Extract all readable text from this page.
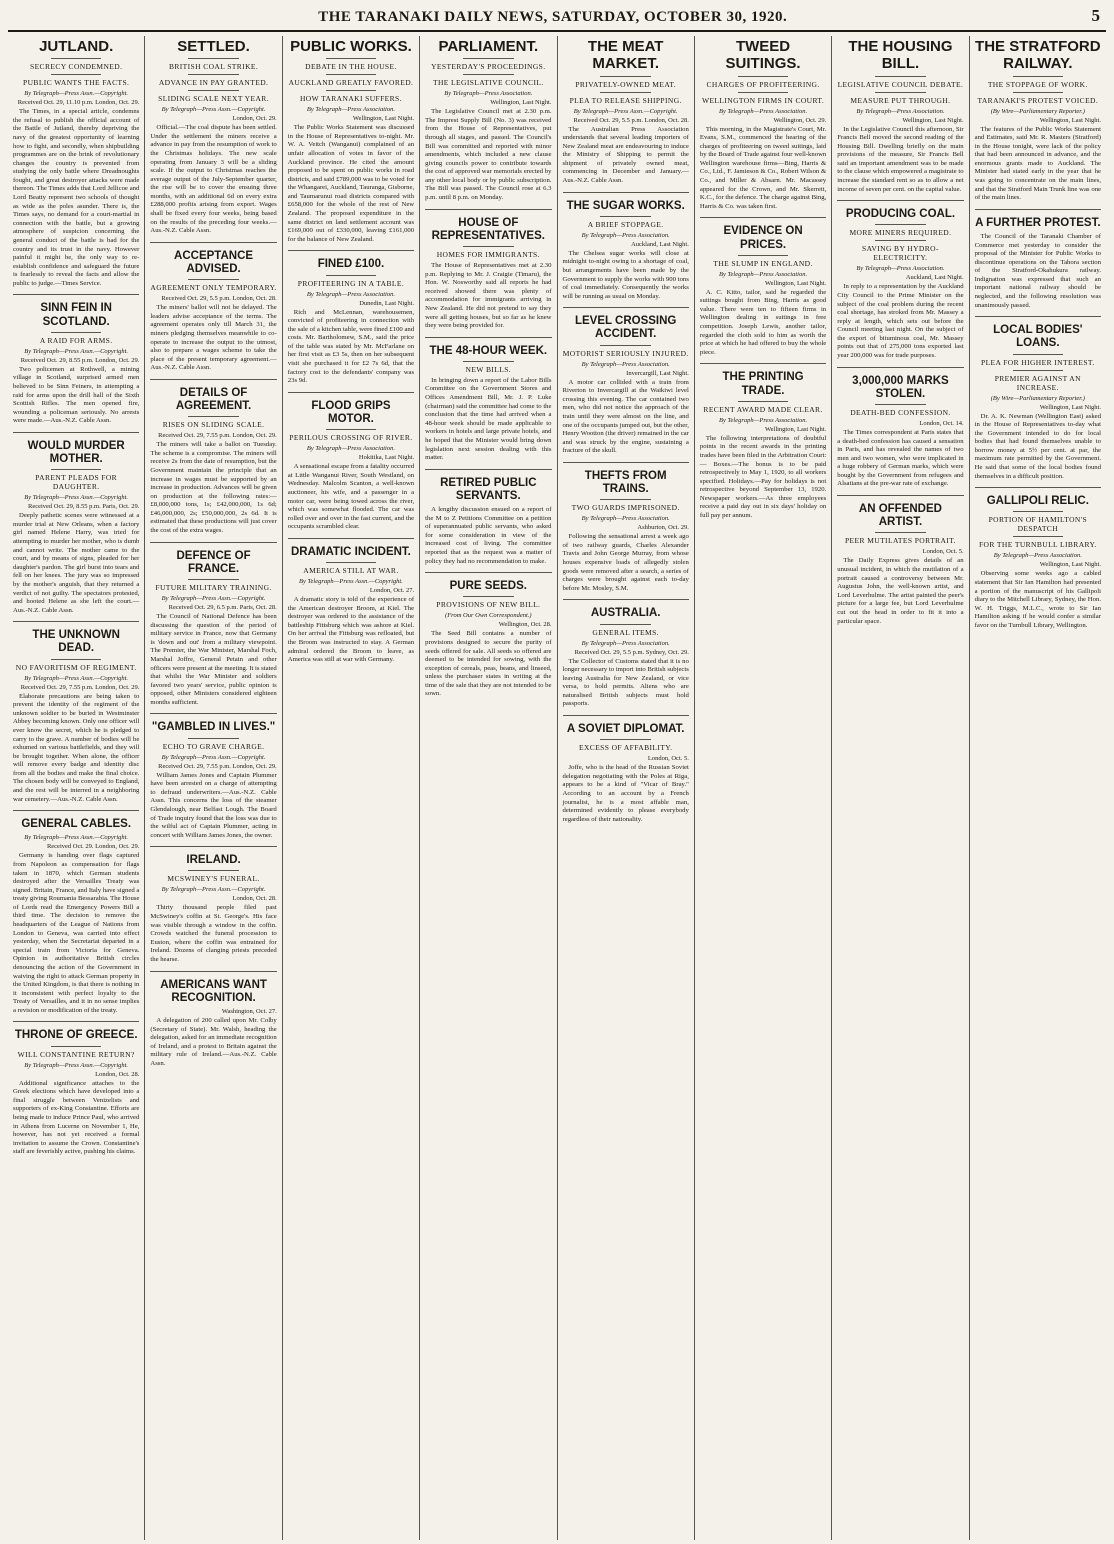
THE TARANAKI DAILY NEWS, SATURDAY, OCTOBER 30, 1920.	5
JUTLAND.
SECRECY CONDEMNED.
PUBLIC WANTS THE FACTS.
By Telegraph—Press Assn.—Copyright.
Received Oct. 29, 11.10 p.m. London, Oct. 29.

The Times, in a special article, condemns the refusal to publish the official account of the Battle of Jutland, thereby depriving the navy of the greatest opportunity of learning how to fight, and secondly, when shipbuilding programmes are on the brink of revolutionary changes the country is prevented from studying the only battle where Dreadnoughts fought, and great destroyer attacks were made thereon. The Times adds that Lord Jellicoe and Lord Beatty represent two schools of thought as wide as the poles asunder. There is, the Times says, no demand for a court-martial in connection with the battle, but a growing atmosphere of suspicion concerning the general conduct of the battle is bad for the country and its trust in the navy. However painful it might be, the only way to re-establish confidence and safeguard the future is fearlessly to reveal the facts and allow the public to judge.—Times Service.

SINN FEIN IN SCOTLAND.
A RAID FOR ARMS.
By Telegraph—Press Assn.—Copyright.
Received Oct. 29, 8.55 p.m. London, Oct. 29.

Two policemen at Rothwell, a mining village in Scotland, surprised armed men believed to be Sinn Feiners, in attempting a raid for arms upon the drill hall of the Sixth Scottish Rifles. The men opened fire, wounding a policeman seriously. No arrests were made.—Aus.-N.Z. Cable Assn.

WOULD MURDER MOTHER.
PARENT PLEADS FOR DAUGHTER.
By Telegraph—Press Assn.—Copyright.
Received Oct. 29, 8.55 p.m. Paris, Oct. 29.

Deeply pathetic scenes were witnessed at a murder trial at New Orleans, when a factory girl named Helene Harry, was tried for attempting to murder her mother, who is dumb and cannot write. The mother came to the court, and by means of signs, pleaded for her daughter's pardon. The girl burst into tears and fell on her knees. The jury was so impressed by the mother's anguish, that they returned a verdict of not guilty. The spectators protested, and hooted Helene as she left the court.—Aus.-N.Z. Cable Assn.

THE UNKNOWN DEAD.
NO FAVORITISM OF REGIMENT.
By Telegraph—Press Assn.—Copyright.
Received Oct. 29, 7.55 p.m. London, Oct. 29.

Elaborate precautions are being taken to prevent the identity of the regiment of the unknown soldier to be buried in Westminster Abbey becoming known. Only one officer will ever know the secret, which he is pledged to carry to the grave. A number of bodies will be exhumed on various battlefields, and they will be brought together. When alone, the officer will remove every badge and identity disc from all the bodies and make the final choice. The chosen body will be conveyed to England, and the rest will be interred in a neighboring war cemetery.—Aus.-N.Z. Cable Assn.

GENERAL CABLES.
By Telegraph—Press Assn.—Copyright.
Received Oct. 29. London, Oct. 29.

Germany is handing over flags captured from Napoleon as compensation for flags taken in 1870, which German students destroyed after the Versailles Treaty was signed. Britain, France, and Italy have signed a treaty giving Roumania Bessarabia. The House of Lords read the Emergency Powers Bill a third time. The decision to remove the headquarters of the League of Nations from London to Geneva, was carried into effect yesterday, when the Secretariat departed in a special train from Victoria for Geneva. Opinion in authoritative British circles denouncing the action of the Government in waiving the right to attack German property in the United Kingdom, is that there is nothing in it inconsistent with perfect loyalty to the Treaty of Versailles, and it in no sense implies a revision or modification of the treaty.

THRONE OF GREECE.
WILL CONSTANTINE RETURN?
By Telegraph—Press Assn.—Copyright.
London, Oct. 28.

Additional significance attaches to the Greek elections which have developed into a final struggle between Venizelists and supporters of ex-King Constantine. Efforts are being made to induce Prince Paul, who arrived in Athens from Lucerne on November 1, He, however, has not yet received a formal invitation to assume the Crown. Constantine's staff are feverishly active, pushing his claims.

SETTLED.
BRITISH COAL STRIKE.
ADVANCE IN PAY GRANTED.
SLIDING SCALE NEXT YEAR.
By Telegraph—Press Assn.—Copyright.
London, Oct. 29.

Official.—The coal dispute has been settled. Under the settlement the miners receive a advance in pay from the resumption of work to the Christmas holidays. The new scale operating from January 3 will be a sliding scale. If the output to Christmas reaches the average output of the July-September quarter, the rise will be to cover the ensuing three months, with an additional 6d on every extra £288,000 profits arising from export. Wages shall be fixed every four weeks, being based on the results of the preceding four weeks.—Aus.-N.Z. Cable Assn.

ACCEPTANCE ADVISED.
AGREEMENT ONLY TEMPORARY.
Received Oct. 29, 5.5 p.m. London, Oct. 28.

The miners' ballot will not be delayed. The leaders advise acceptance of the terms. The agreement operates only till March 31, the miners pledging themselves meanwhile to co-operate to increase the output to the utmost, also to prepare a wages scheme to take the place of the present temporary agreement.—Aus.-N.Z. Cable Assn.

DETAILS OF AGREEMENT.
RISES ON SLIDING SCALE.
Received Oct. 29, 7.55 p.m. London, Oct. 29.

The miners will take a ballot on Tuesday. The scheme is a compromise. The miners will receive 2s from the date of resumption, but the Government maintain the principle that an increase in wages must be supported by an increase in production. Advances will be given on production at the following rates:—£8,000,000 tons, 1s; £42,000,000, 1s 6d; £46,000,000, 2s; £50,000,000, 2s 6d. It is estimated that these productions will just cover the cost of the extra wages.

DEFENCE OF FRANCE.
FUTURE MILITARY TRAINING.
By Telegraph—Press Assn.—Copyright.
Received Oct. 29, 6.5 p.m. Paris, Oct. 28.

The Council of National Defence has been discussing the question of the period of military service in France, now that Germany is 'down and out' from a military viewpoint. The Premier, the War Minister, Marshal Foch, Marshal Joffre, General Petain and other officers were present at the meeting. It is stated that whilst the War Minister and soldiers favored two years' service, public opinion is opposed, other Ministers considered eighteen months sufficient.

"GAMBLED IN LIVES."
ECHO TO GRAVE CHARGE.
By Telegraph—Press Assn.—Copyright.
Received Oct. 29, 7.55 p.m. London, Oct. 29.

William James Jones and Captain Plummer have been arrested on a charge of attempting to defraud underwriters.—Aus.-N.Z. Cable Assn. This concerns the loss of the steamer Glendalough, near Belfast Lough. The Board of Trade inquiry found that the loss was due to the wilful act of Captain Plummer, acting in concert with William James Jones, the owner.

IRELAND.
MCSWINEY'S FUNERAL.
By Telegraph—Press Assn.—Copyright.
London, Oct. 28.

Thirty thousand people filed past McSwiney's coffin at St. George's. His face was visible through a window in the coffin. Crowds watched the funeral procession to Euston, where the coffin was entrained for Ireland. Dozens of clanging priests preceded the hearse.

AMERICANS WANT RECOGNITION.
Washington, Oct. 27.

A delegation of 200 called upon Mr. Colby (Secretary of State). Mr. Walsh, heading the delegation, asked for an immediate recognition of Ireland, and a protest to Britain against the military rule of Ireland.—Aus.-N.Z. Cable Assn.

PUBLIC WORKS.
DEBATE IN THE HOUSE.
AUCKLAND GREATLY FAVORED.
HOW TARANAKI SUFFERS.
By Telegraph—Press Association.
Wellington, Last Night.

The Public Works Statement was discussed in the House of Representatives to-night. Mr. W. A. Veitch (Wanganui) complained of an unfair allocation of votes in favor of the Auckland province. He cited the amount proposed to be spent on public works in road districts, and said £789,000 was to be voted for the Whangarei, Auckland, Tauranga, Gisborne, and Taumarunui road districts compared with £658,000 for the whole of the rest of New Zealand. The proposed expenditure in the same district on land settlement account was £169,000 out of £330,000, leaving £161,000 for the balance of New Zealand.

FINED £100.
PROFITEERING IN A TABLE.
By Telegraph—Press Association.
Dunedin, Last Night.

Rich and McLennan, warehousemen, convicted of profiteering in connection with the sale of a kitchen table, were fined £100 and costs. Mr. Bartholomew, S.M., said the price of the table was stated by Mr. McFarlane on her first visit as £3 5s, then on her subsequent visit she purchased it for £2 7s 6d, that the factory cost to the defendants' company was 23s 9d.

FLOOD GRIPS MOTOR.
PERILOUS CROSSING OF RIVER.
By Telegraph—Press Association.
Hokitika, Last Night.

A sensational escape from a fatality occurred at Little Wanganui River, South Westland, on Wednesday. Malcolm Scanton, a well-known auctioneer, his wife, and a passenger in a motor car, were being towed across the river, which was somewhat flooded. The car was rolled over and over in the fast current, and the occupants scrambled clear.

DRAMATIC INCIDENT.
AMERICA STILL AT WAR.
By Telegraph—Press Assn.—Copyright.
London, Oct. 27.

A dramatic story is told of the experience of the American destroyer Broom, at Kiel. The destroyer was ordered to the assistance of the battleship Fittsburg which was ashore at Kiel. On her arrival the Fittsburg was refloated, but the Broom was instructed to stay. A German admiral ordered the Broom to leave, as America was still at war with Germany.

PARLIAMENT.
YESTERDAY'S PROCEEDINGS.
THE LEGISLATIVE COUNCIL.
By Telegraph—Press Association.
Wellington, Last Night.

The Legislative Council met at 2.30 p.m. The Imprest Supply Bill (No. 3) was received from the House of Representatives, put through all stages, and passed. The Council's Bill was committed and reported with minor amendments, which included a new clause giving councils power to contribute towards the cost of approved war memorials erected by any other local body or by public subscription. The Bill was passed. The Council rose at 6.3 p.m. until 8 p.m. on Monday.

HOUSE OF REPRESENTATIVES.
HOMES FOR IMMIGRANTS.

The House of Representatives met at 2.30 p.m. Replying to Mr. J. Craigie (Timaru), the Hon. W. Nosworthy said all reports he had received showed there was plenty of accommodation for immigrants arriving in New Zealand. He did not pretend to say they were all getting houses, but so far as he knew they were being provided for.

THE 48-HOUR WEEK.
NEW BILLS.

In bringing down a report of the Labor Bills Committee on the Government Stores and Offices Amendment Bill, Mr. J. P. Luke (chairman) said the committee had come to the conclusion that the time had arrived when a 48-hour week should be made applicable to workers in hotels and large private hotels, and he hoped that the Minister would bring down legislation next session dealing with this matter.

RETIRED PUBLIC SERVANTS.

A lengthy discussion ensued on a report of the M to Z Petitions Committee on a petition of superannuated public servants, who asked for some consideration in view of the increased cost of living. The committee reported that as the request was a matter of policy they had no recommendation to make.

PURE SEEDS.
PROVISIONS OF NEW BILL.
(From Our Own Correspondent.)
Wellington, Oct. 28.

The Seed Bill contains a number of provisions designed to secure the purity of seeds offered for sale. All seeds so offered are deemed to be intended for sowing, with the exception of cereals, peas, beans, and linseed, unless the purchaser states in writing at the time of the sale that they are not intended to be sown.

THE MEAT MARKET.
PRIVATELY-OWNED MEAT.
PLEA TO RELEASE SHIPPING.
By Telegraph—Press Assn.—Copyright.
Received Oct. 29, 5.5 p.m. London, Oct. 28.

The Australian Press Association understands that several leading importers of New Zealand meat are endeavouring to induce the Ministry of Shipping to permit the shipment of privately owned meat, commencing in December and January.—Aus.-N.Z. Cable Assn.

THE SUGAR WORKS.
A BRIEF STOPPAGE.
By Telegraph—Press Association.
Auckland, Last Night.

The Chelsea sugar works will close at midnight to-night owing to a shortage of coal, but arrangements have been made by the Government to supply the works with 900 tons of coal immediately. Consequently the works will be running as usual on Monday.

LEVEL CROSSING ACCIDENT.
MOTORIST SERIOUSLY INJURED.
By Telegraph—Press Association.
Invercargill, Last Night.

A motor car collided with a train from Riverton to Invercargill at the Waikiwi level crossing this evening. The car contained two men, who did not notice the approach of the train until they were almost on the line, and one of the occupants jumped out, but the other, Henry Wootton (the driver) remained in the car and was struck by the engine, sustaining a fracture of the skull.

THEFTS FROM TRAINS.
TWO GUARDS IMPRISONED.
By Telegraph—Press Association.
Ashburton, Oct. 29.

Following the sensational arrest a week ago of two railway guards, Charles Alexander Travis and John George Murray, from whose houses expensive loads of allegedly stolen goods were removed after a search, a series of charges were brought against each to-day before Mr. Mosley, S.M.

AUSTRALIA.
GENERAL ITEMS.
By Telegraph—Press Association.
Received Oct. 29, 5.5 p.m. Sydney, Oct. 29.

The Collector of Customs stated that it is no longer necessary to import into British subjects leaving Australia for New Zealand, or vice versa, to hold permits. Aliens who are naturalised British subjects must hold passports.

A SOVIET DIPLOMAT.
EXCESS OF AFFABILITY.
London, Oct. 5.

Joffe, who is the head of the Russian Soviet delegation negotiating with the Poles at Riga, appears to be a kind of "Vicar of Bray." According to an account by a French journalist, he is a most affable man, determined evidently to please everybody regardless of their nationality.

TWEED SUITINGS.
CHARGES OF PROFITEERING.
WELLINGTON FIRMS IN COURT.
By Telegraph—Press Association.
Wellington, Oct. 29.

This morning, in the Magistrate's Court, Mr. Evans, S.M., commenced the hearing of the charges of profiteering on tweed suitings, laid by the Board of Trade against four well-known Wellington warehouse firms—Bing, Harris & Co., Ltd., F. Jamieson & Co., Robert Wilson & Co., and Miller & Absarn. Mr. Macassey appeared for the Crown, and Mr. Skerrett, K.C., for the defence. The charge against Bing, Harris & Co. was taken first.

EVIDENCE ON PRICES.
THE SLUMP IN ENGLAND.
By Telegraph—Press Association.
Wellington, Last Night.

A. C. Kitto, tailor, said he regarded the suitings bought from Bing, Harris as good value. There were ten to fifteen firms in Wellington dealing in suitings in free competition. Joseph Lewis, another tailor, regarded the cloth sold to him as worth the price at which he had offered to buy the whole piece.

THE PRINTING TRADE.
RECENT AWARD MADE CLEAR.
By Telegraph—Press Association.
Wellington, Last Night.

The following interpretations of doubtful points in the recent awards in the printing trades have been filed in the Arbitration Court:— Boxes.—The bonus is to be paid retrospectively to May 1, 1920, to all workers specified. Holidays.—Pay for holidays is not retrospective beyond September 13, 1920. Newspaper workers.—As three employees receive a paid day out in six days' holiday on full pay per annum.

THE HOUSING BILL.
LEGISLATIVE COUNCIL DEBATE.
MEASURE PUT THROUGH.
By Telegraph—Press Association.
Wellington, Last Night.

In the Legislative Council this afternoon, Sir Francis Bell moved the second reading of the Housing Bill. Dwelling briefly on the main provisions of the measure, Sir Francis Bell said an important amendment was to be made to the clause which empowered a magistrate to increase the standard rent so as to allow a net income of seven per cent. on the capital value.

PRODUCING COAL.
MORE MINERS REQUIRED.
SAVING BY HYDRO-ELECTRICITY.
By Telegraph—Press Association.
Auckland, Last Night.

In reply to a representation by the Auckland City Council to the Prime Minister on the subject of the coal problem during the recent coal shortage, has stroked from Mr. Massey a reply at length, which sets out before the Council meeting last night. On the subject of the export of bituminous coal, Mr. Massey points out that of 275,000 tons exported last year 200,000 was for trade purposes.

3,000,000 MARKS STOLEN.
DEATH-BED CONFESSION.
London, Oct. 14.

The Times correspondent at Paris states that a death-bed confession has caused a sensation in Paris, and has revealed the names of two men and two women, who were implicated in a huge robbery of German marks, which were bought by the Government from refugees and Alsatians at the pre-war rate of exchange.

AN OFFENDED ARTIST.
PEER MUTILATES PORTRAIT.
London, Oct. 5.

The Daily Express gives details of an unusual incident, in which the mutilation of a portrait caused a controversy between Mr. Augustus John, the well-known artist, and Lord Leverhulme. The artist painted the peer's picture for a large fee, but Lord Leverhulme cut out the head in order to fit it into a particular space.

THE STRATFORD RAILWAY.
THE STOPPAGE OF WORK.
TARANAKI'S PROTEST VOICED.
(By Wire—Parliamentary Reporter.)
Wellington, Last Night.

The features of the Public Works Statement and Estimates, said Mr. R. Masters (Stratford) in the House tonight, were lack of the policy that had been announced in advance, and the enormous grants made to Auckland. The Minister had stated early in the year that he was going to concentrate on the main lines, and that the Stratford Main Trunk line was one of the main lines.

A FURTHER PROTEST.

The Council of the Taranaki Chamber of Commerce met yesterday to consider the proposal of the Minister for Public Works to discontinue operations on the Tahora section of the Stratford-Okahukura railway. Indignation was expressed that such an important national railway should be neglected, and the following resolution was unanimously passed.

LOCAL BODIES' LOANS.
PLEA FOR HIGHER INTEREST.
PREMIER AGAINST AN INCREASE.
(By Wire—Parliamentary Reporter.)
Wellington, Last Night.

Dr. A. K. Newman (Wellington East) asked in the House of Representatives to-day what the Government intended to do for local bodies that had found themselves unable to borrow money at 5½ per cent. at par, the maximum rate permitted by the Government. He said that some of the local bodies found themselves in a difficult position.

GALLIPOLI RELIC.
PORTION OF HAMILTON'S DESPATCH
FOR THE TURNBULL LIBRARY.
By Telegraph—Press Association.
Wellington, Last Night.

Observing some weeks ago a cabled statement that Sir Ian Hamilton had presented a portion of the manuscript of his Gallipoli diary to the Mitchell Library, Sydney, the Hon. W. H. Triggs, M.L.C., wrote to Sir Ian Hamilton asking if he would confer a similar favor on the Turnbull Library, Wellington.
